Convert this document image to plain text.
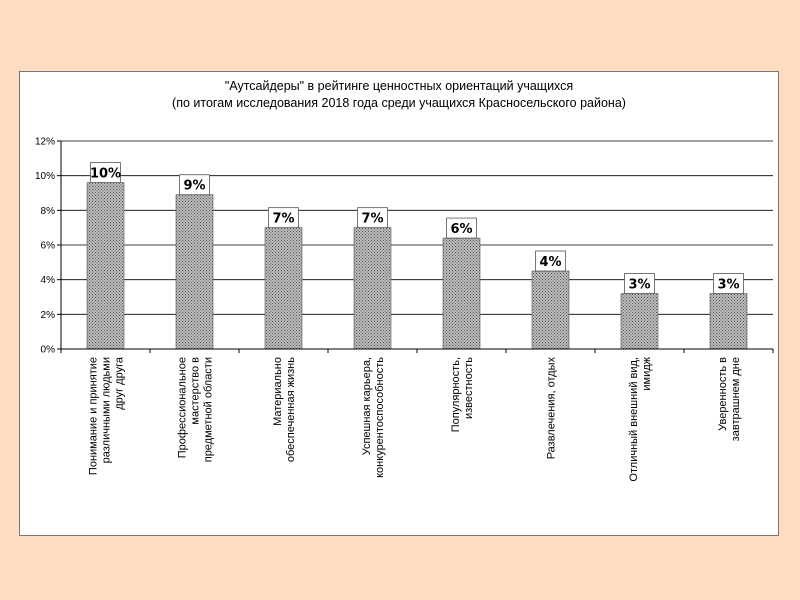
"Аутсайдеры" в рейтинге ценностных ориентаций учащихся
(по итогам исследования 2018 года среди учащихся Красносельского района)
0%
2%
4%
6%
8%
10%
12%
10%
9%
7%	7%
6%
4%
3%	3%
Понимание и принятие различными людьми друг друга	Профессиональное мастерство в предметной области	Материально обеспеченная жизнь	Успешная карьера, конкурентоспособность	Популярность, известность	Развлечения, отдых	Отличный внешний вид, имидж	Уверенность в завтрашнем дне
